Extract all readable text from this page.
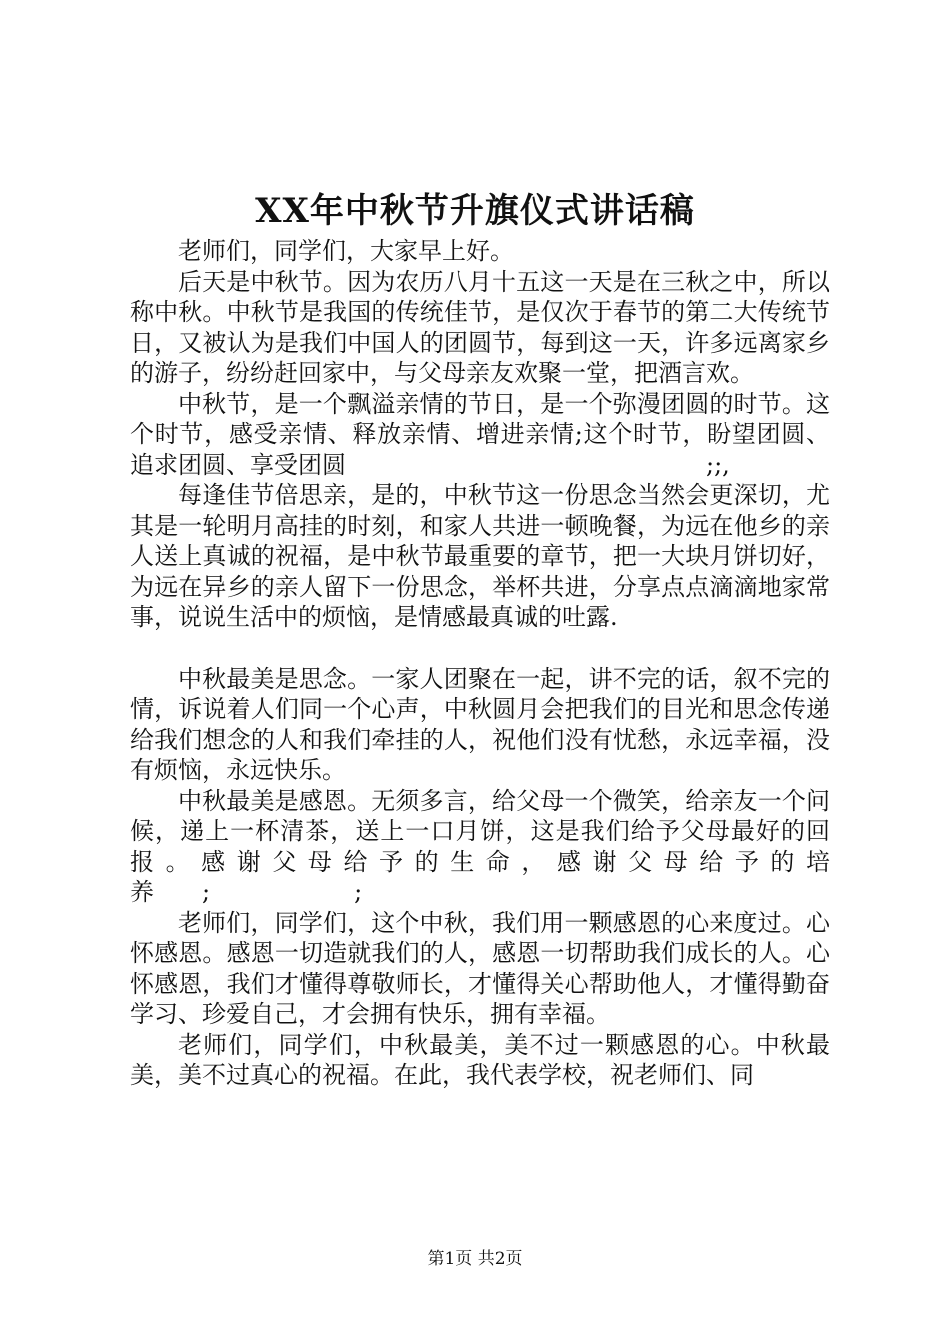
XX年中秋节升旗仪式讲话稿

老师们，同学们，大家早上好。

后天是中秋节。因为农历八月十五这一天是在三秋之中，所以称中秋。中秋节是我国的传统佳节，是仅次于春节的第二大传统节日，又被认为是我们中国人的团圆节，每到这一天，许多远离家乡的游子，纷纷赶回家中，与父母亲友欢聚一堂，把酒言欢。

中秋节，是一个飘溢亲情的节日，是一个弥漫团圆的时节。这个时节，感受亲情、释放亲情、增进亲情;这个时节，盼望团圆、追求团圆、享受团圆　　　　　　　　　　　　　　　;;,

每逢佳节倍思亲，是的，中秋节这一份思念当然会更深切，尤其是一轮明月高挂的时刻，和家人共进一顿晚餐，为远在他乡的亲人送上真诚的祝福，是中秋节最重要的章节，把一大块月饼切好，为远在异乡的亲人留下一份思念，举杯共进，分享点点滴滴地家常事，说说生活中的烦恼，是情感最真诚的吐露.

中秋最美是思念。一家人团聚在一起，讲不完的话，叙不完的情，诉说着人们同一个心声，中秋圆月会把我们的目光和思念传递给我们想念的人和我们牵挂的人，祝他们没有忧愁，永远幸福，没有烦恼，永远快乐。

中秋最美是感恩。无须多言，给父母一个微笑，给亲友一个问候，递上一杯清茶，送上一口月饼，这是我们给予父母最好的回报。感谢父母给予的生命，感谢父母给予的培养　　;　　　　　　;

老师们，同学们，这个中秋，我们用一颗感恩的心来度过。心怀感恩。感恩一切造就我们的人，感恩一切帮助我们成长的人。心怀感恩，我们才懂得尊敬师长，才懂得关心帮助他人，才懂得勤奋学习、珍爱自己，才会拥有快乐，拥有幸福。

老师们，同学们，中秋最美，美不过一颗感恩的心。中秋最美，美不过真心的祝福。在此，我代表学校，祝老师们、同

第1页 共2页
